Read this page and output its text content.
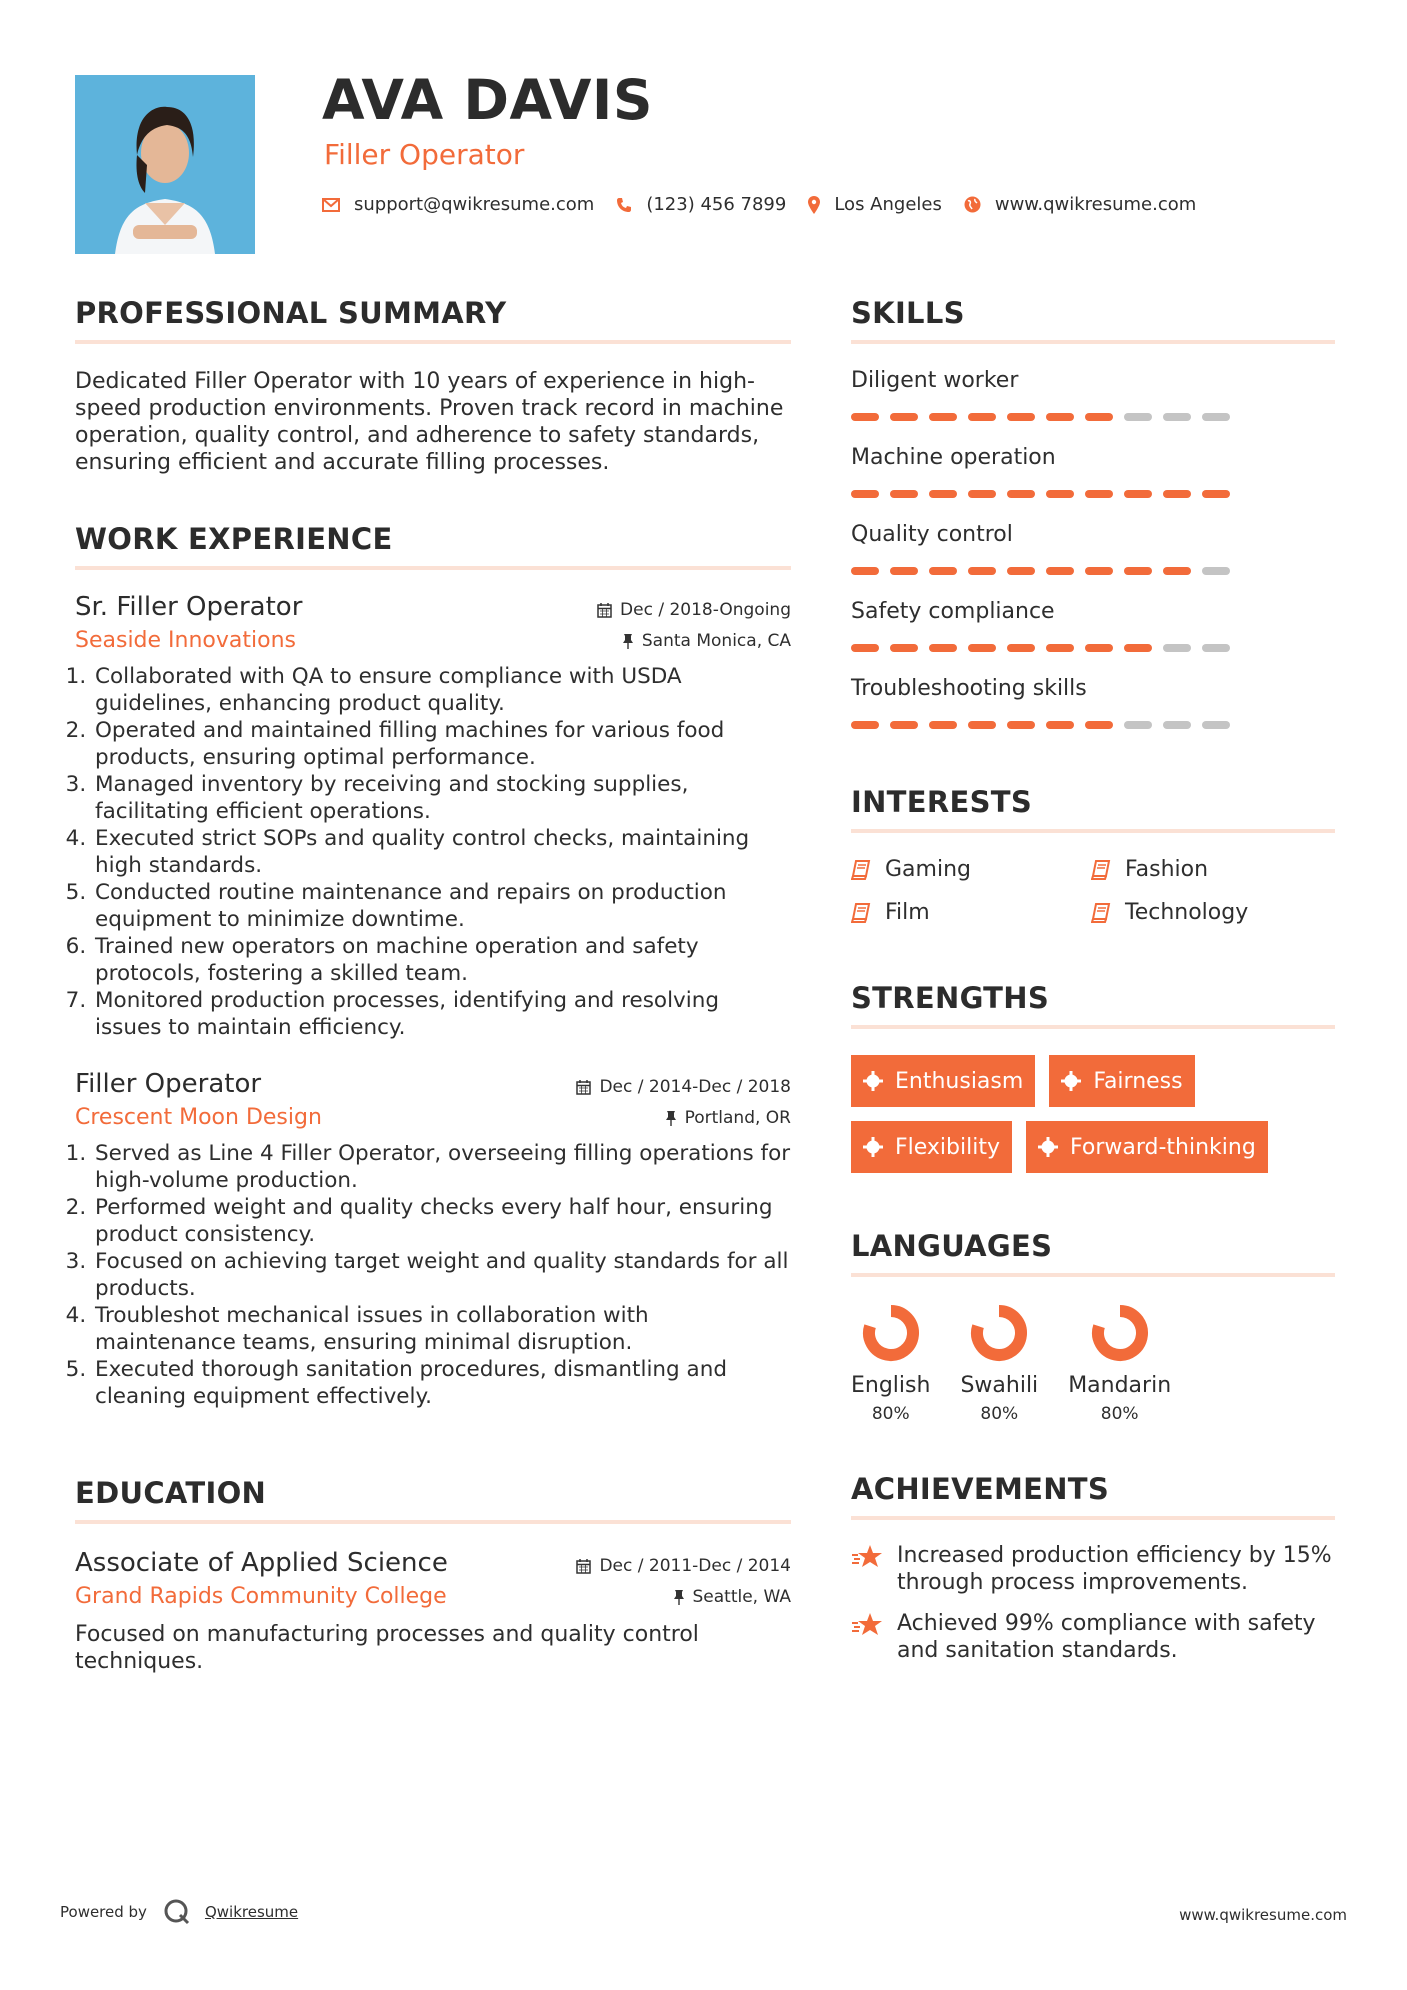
AVA DAVIS
Filler Operator
support@qwikresume.com	(123) 456 7899	Los Angeles	www.qwikresume.com
PROFESSIONAL SUMMARY
Dedicated Filler Operator with 10 years of experience in high-speed production environments. Proven track record in machine operation, quality control, and adherence to safety standards, ensuring efficient and accurate filling processes.
WORK EXPERIENCE
Sr. Filler Operator	Dec / 2018-Ongoing
Seaside Innovations	Santa Monica, CA
1. Collaborated with QA to ensure compliance with USDA guidelines, enhancing product quality.
2. Operated and maintained filling machines for various food products, ensuring optimal performance.
3. Managed inventory by receiving and stocking supplies, facilitating efficient operations.
4. Executed strict SOPs and quality control checks, maintaining high standards.
5. Conducted routine maintenance and repairs on production equipment to minimize downtime.
6. Trained new operators on machine operation and safety protocols, fostering a skilled team.
7. Monitored production processes, identifying and resolving issues to maintain efficiency.
Filler Operator	Dec / 2014-Dec / 2018
Crescent Moon Design	Portland, OR
1. Served as Line 4 Filler Operator, overseeing filling operations for high-volume production.
2. Performed weight and quality checks every half hour, ensuring product consistency.
3. Focused on achieving target weight and quality standards for all products.
4. Troubleshot mechanical issues in collaboration with maintenance teams, ensuring minimal disruption.
5. Executed thorough sanitation procedures, dismantling and cleaning equipment effectively.
EDUCATION
Associate of Applied Science	Dec / 2011-Dec / 2014
Grand Rapids Community College	Seattle, WA
Focused on manufacturing processes and quality control techniques.
SKILLS
Diligent worker
Machine operation
Quality control
Safety compliance
Troubleshooting skills
INTERESTS
Gaming	Fashion
Film	Technology
STRENGTHS
Enthusiasm	Fairness
Flexibility	Forward-thinking
LANGUAGES
English
80%
Swahili
80%
Mandarin
80%
ACHIEVEMENTS
Increased production efficiency by 15% through process improvements.
Achieved 99% compliance with safety and sanitation standards.
Powered by	Qwikresume	www.qwikresume.com
